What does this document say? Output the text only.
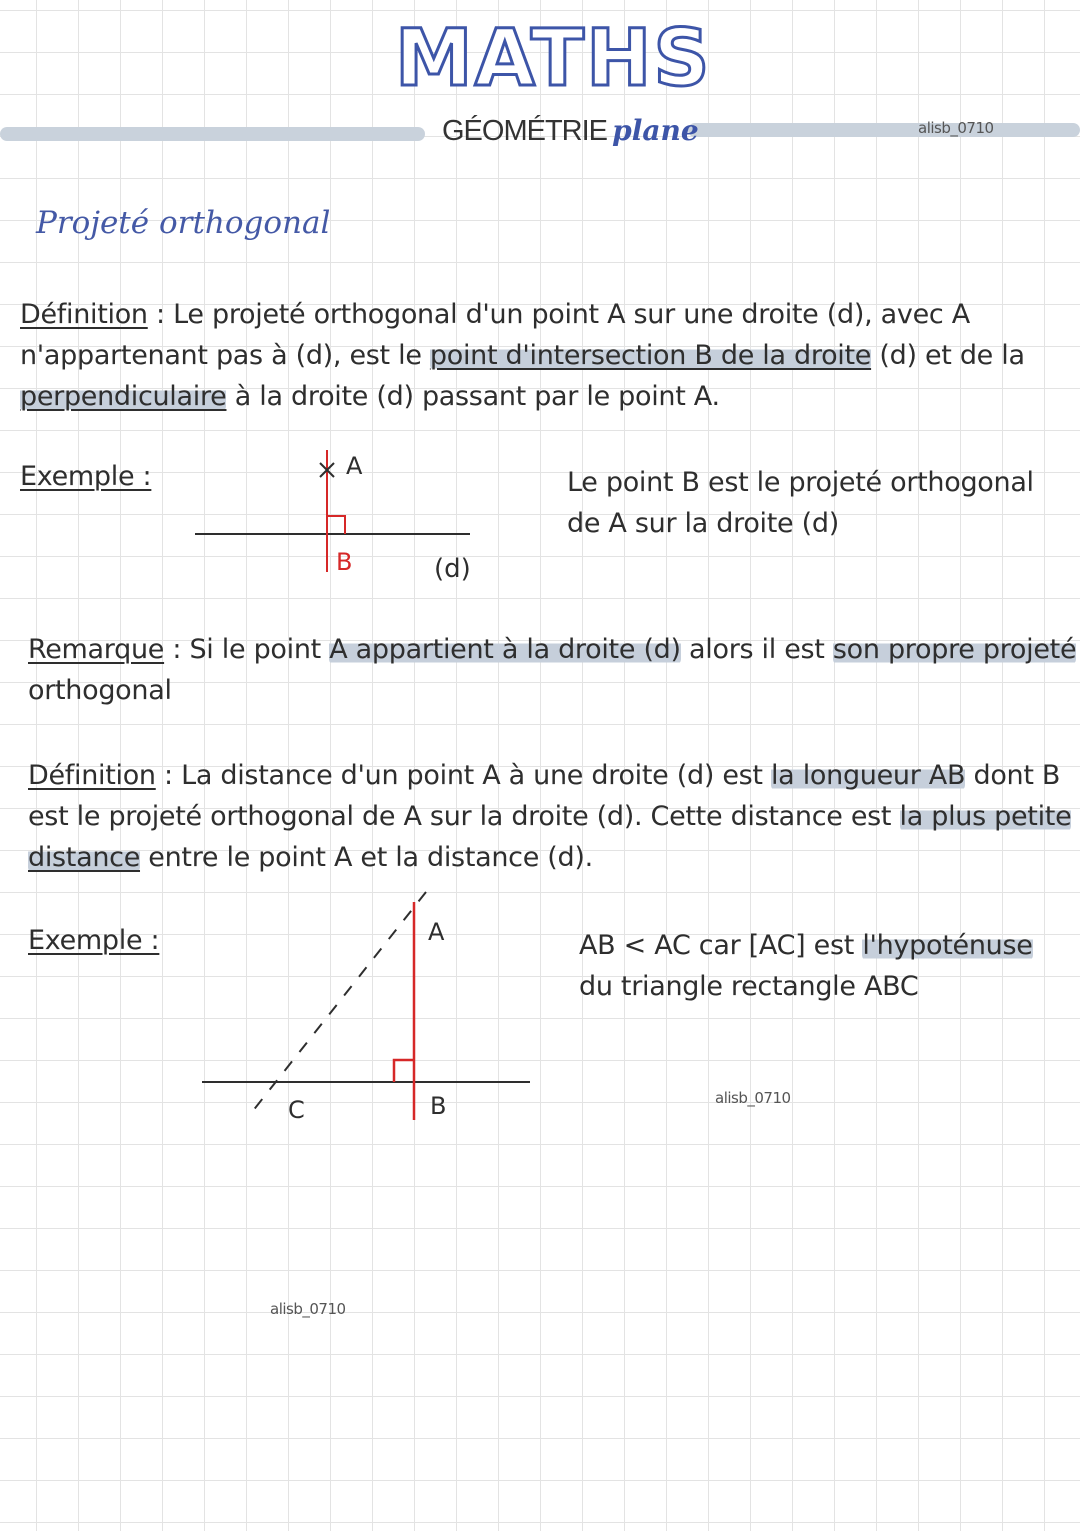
MATHS
GÉOMÉTRIE plane	alisb_0710
Projeté orthogonal
Définition : Le projeté orthogonal d'un point A sur une droite (d), avec A
n'appartenant pas à (d), est le point d'intersection B de la droite (d) et de la
perpendiculaire à la droite (d) passant par le point A.
Exemple :	A
B	(d)
Le point B est le projeté orthogonal
de A sur la droite (d)
Remarque : Si le point A appartient à la droite (d) alors il est son propre projeté
orthogonal
Définition : La distance d'un point A à une droite (d) est la longueur AB dont B
est le projeté orthogonal de A sur la droite (d). Cette distance est la plus petite
distance entre le point A et la distance (d).
Exemple :	A
B
C
AB < AC car [AC] est l'hypoténuse
du triangle rectangle ABC
alisb_0710
alisb_0710
